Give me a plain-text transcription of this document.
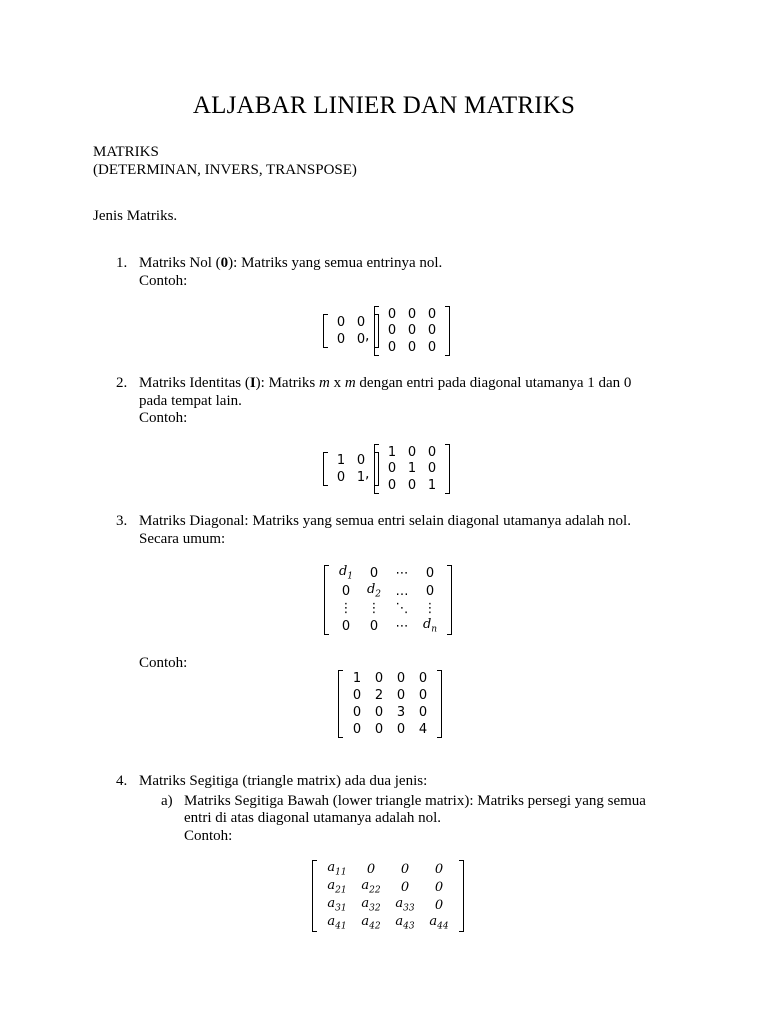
ALJABAR LINIER DAN MATRIKS
MATRIKS
(DETERMINAN, INVERS, TRANSPOSE)
Jenis Matriks.
1. Matriks Nol (0): Matriks yang semua entrinya nol.
Contoh:
0 0
0 0 ,
0 0 0
0 0 0
0 0 0
2. Matriks Identitas (I): Matriks m x m dengan entri pada diagonal utamanya 1 dan 0
pada tempat lain.
Contoh:
1 0
0 1 ,
1 0 0
0 1 0
0 0 1
3. Matriks Diagonal: Matriks yang semua entri selain diagonal utamanya adalah nol.
Secara umum:
$d_1$ 0 ⋯ 0
0 $d_2$ … 0
⋮ ⋮ ⋱ ⋮
0 0 ⋯ $d_n$
Contoh:
1 0 0 0
0 2 0 0
0 0 3 0
0 0 0 4
4. Matriks Segitiga (triangle matrix) ada dua jenis:
a) Matriks Segitiga Bawah (lower triangle matrix): Matriks persegi yang semua
entri di atas diagonal utamanya adalah nol.
Contoh:
$a_{11}$ 0 0 0
$a_{21}$ $a_{22}$ 0 0
$a_{31}$ $a_{32}$ $a_{33}$ 0
$a_{41}$ $a_{42}$ $a_{43}$ $a_{44}$
